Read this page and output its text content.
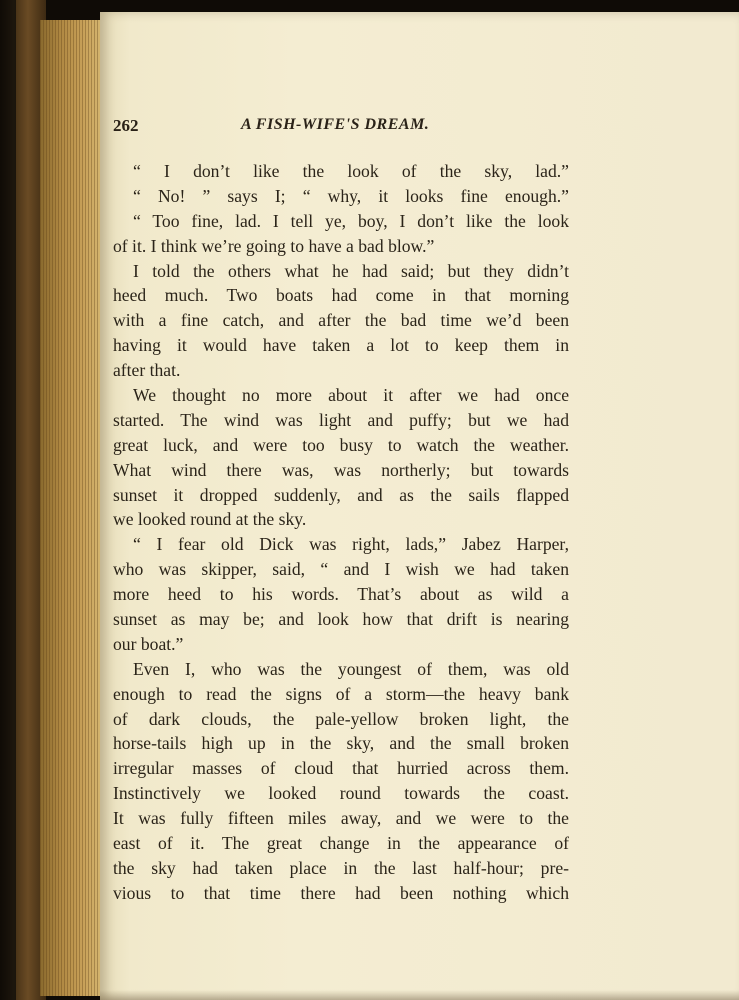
262	A FISH-WIFE'S DREAM.
“ I don’t like the look of the sky, lad.”
“ No! ” says I; “ why, it looks fine enough.”
“ Too fine, lad. I tell ye, boy, I don’t like the look
of it. I think we’re going to have a bad blow.”
I told the others what he had said; but they didn’t
heed much. Two boats had come in that morning
with a fine catch, and after the bad time we’d been
having it would have taken a lot to keep them in
after that.
We thought no more about it after we had once
started. The wind was light and puffy; but we had
great luck, and were too busy to watch the weather.
What wind there was, was northerly; but towards
sunset it dropped suddenly, and as the sails flapped
we looked round at the sky.
“ I fear old Dick was right, lads,” Jabez Harper,
who was skipper, said, “ and I wish we had taken
more heed to his words. That’s about as wild a
sunset as may be; and look how that drift is nearing
our boat.”
Even I, who was the youngest of them, was old
enough to read the signs of a storm—the heavy bank
of dark clouds, the pale-yellow broken light, the
horse-tails high up in the sky, and the small broken
irregular masses of cloud that hurried across them.
Instinctively we looked round towards the coast.
It was fully fifteen miles away, and we were to the
east of it. The great change in the appearance of
the sky had taken place in the last half-hour; pre-
vious to that time there had been nothing which
